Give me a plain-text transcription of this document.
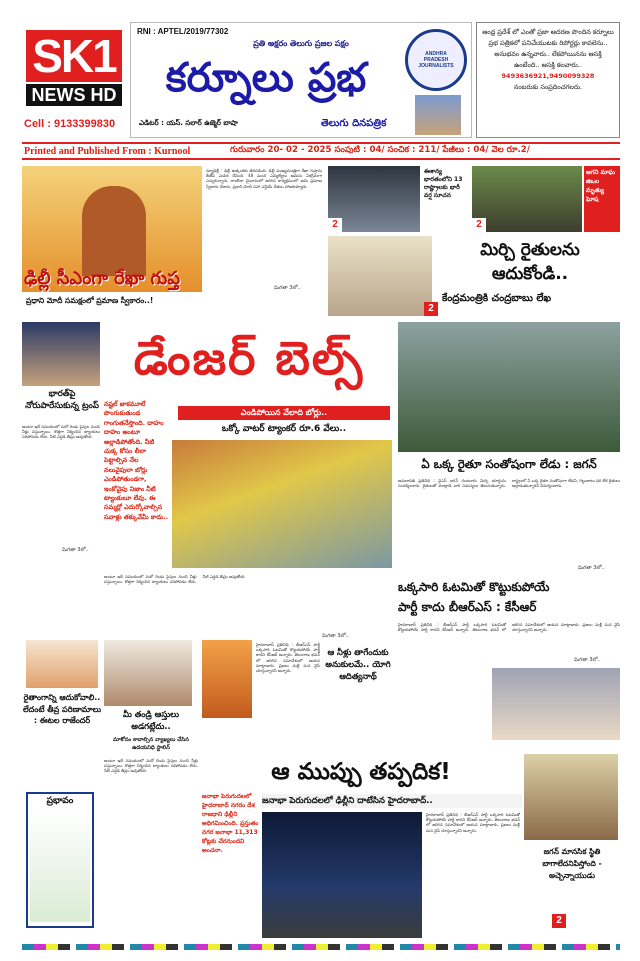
SK1
NEWS HD
Cell : 9133399830
RNI : APTEL/2019/77302
ప్రతి అక్షరం తెలుగు ప్రజల పక్షం
కర్నూలు ప్రభ
ఎడిటర్ : యస్. సలార్ ఉజ్మెర్ బాషా	తెలుగు దినపత్రిక
ANDHRA PRADESH JOURNALISTS
ఆంధ్ర ప్రదేశ్ లో ఎంతో ప్రజా ఆదరణ పొందిన కర్నూలు ప్రభ పత్రికలో పనిచేయుటకు రిపోర్టర్లు కావలెను.. అనుభవం ఉన్నవారు.. లేకపోయినను ఆసక్తి ఉంటేంది.. ఆసక్తి కలవారు..
9493636921,9490099328
నంబరుకు సంప్రదించగలరు.
Printed and Published From : Kurnool	గురువారం 20- 02 - 2025 సంపుటి : 04/ సంచిక : 211/ పేజీలు : 04/ వెల రూ.2/
ఢిల్లీ సీఎంగా రేఖా గుప్త
ప్రధాని మోదీ సమక్షంలో ప్రమాణ స్వీకారం..!
న్యూఢిల్లీ : ఢిల్లీ ఉత్కంఠకు తెరపడింది. ఢిల్లీ ముఖ్యమంత్రిగా రేఖా గుప్తాను బీజేపీ ఎంపిక చేసింది. 48 మంది ఎమ్మెల్యేలు ఆమెను ఏకగ్రీవంగా ఎన్నుకున్నారు. రాంలీలా మైదానంలో జరిగిన కార్యక్రమంలో ఆమె ప్రమాణ స్వీకారం చేశారు. ప్రధాని మోదీ సహా ఎన్డీయే నేతలు హాజరయ్యారు.
మిగతా 3లో..
ఈశాన్య భారతంలోని 13 రాష్ట్రాలకు భారీ వర్ష సూచన
2
ఆగని మాఘ జిఒల మృత్యు ఘోష
2
2
మిర్చి రైతులను ఆదుకోండి..
కేంద్రమంత్రికి చంద్రబాబు లేఖ
భారత్‌పై నోరుపారేసుకున్న ట్రంప్
అంటూ ఇదే సమయంలో మరో రెండు పైపుల నుంచి నీళ్లు వస్తున్నాయి. కొత్తగా నిర్మించిన ట్యాంకులు సరిపోవడం లేదు. నీటి ఎద్దడి తీవ్రం అవుతోంది.
మిగతా 3లో..
డేంజర్ బెల్స్
నష్టల్ జాకమూలే పొంగుకుతుండ గాంగుతనేస్తొంది. దాహం దాహం అంటూ అల్లాడిపోతోంది. నీటి చుక్క కోసం లీలా పెట్టాల్సిన నేల నలువైపులా బోర్లు ఎండిపోతుండగా, ఇంకోవైపు నిజాం నీటి ట్యాంకులూ లేవు. ఈ సమ్మర్లో ఎదుర్కోవాల్సిన సవాళ్లు తక్కువేమీ కాదు..
ఎండిపోయిన వేలాది బోర్లు..
ఒక్కో వాటర్ ట్యాంకర్ రూ.6 వేలు..
ఏ ఒక్క రైతూ సంతోషంగా లేడు : జగన్
అమరావతి ప్రతినిధి : వైఎస్ జగన్ గుంటూరు మిర్చి యార్డును సందర్శించారు. రైతులతో మాట్లాడి వారి సమస్యలు తెలుసుకున్నారు. రాష్ట్రంలో ఏ ఒక్క రైతూ సంతోషంగా లేడని, గిట్టుబాటు ధర లేక రైతులు అల్లాడుతున్నారని విమర్శించారు.
మిగతా 3లో..
అంటూ ఇదే సమయంలో మరో రెండు పైపుల నుంచి నీళ్లు వస్తున్నాయి. కొత్తగా నిర్మించిన ట్యాంకులు సరిపోవడం లేదు. నీటి ఎద్దడి తీవ్రం అవుతోంది.
మిగతా 3లో..
ఒక్కసారి ఓటమితో కొట్టుకుపోయే
పార్టీ కాదు బీఆర్ఎస్ : కేసీఆర్
హైదరాబాద్ ప్రతినిధి : బీఆర్ఎస్ పార్టీ ఒక్కసారి ఓటమితో కొట్టుకుపోయే పార్టీ కాదని కేసీఆర్ అన్నారు. తెలంగాణ భవన్ లో జరిగిన సమావేశంలో ఆయన మాట్లాడారు. ప్రజలు మళ్లీ మన వైపే చూస్తున్నారని అన్నారు.
మిగతా 3లో..
రైతాంగాన్ని ఆదుకోవాలి.. లేదంటే తీవ్ర పరిణామాలు : ఈటల రాజేందర్
మీ తండ్రి ఆస్తులు అడగట్లేదు..
మాకోసం కావాల్సిన వ్యాఖ్యలు చేసిన ఉదయనిధి స్టాలిన్
అంటూ ఇదే సమయంలో మరో రెండు పైపుల నుంచి నీళ్లు వస్తున్నాయి. కొత్తగా నిర్మించిన ట్యాంకులు సరిపోవడం లేదు. నీటి ఎద్దడి తీవ్రం అవుతోంది.
ఆ నీళ్లు తాగేందుకు అనుకులమే.. యోగి ఆదిత్యనాథ్
హైదరాబాద్ ప్రతినిధి : బీఆర్ఎస్ పార్టీ ఒక్కసారి ఓటమితో కొట్టుకుపోయే పార్టీ కాదని కేసీఆర్ అన్నారు. తెలంగాణ భవన్ లో జరిగిన సమావేశంలో ఆయన మాట్లాడారు. ప్రజలు మళ్లీ మన వైపే చూస్తున్నారని అన్నారు.
ఆ ముప్పు తప్పదిక!
జనాభా పెరుగుదలలో ఢిల్లీని దాటేసిన హైదరాబాద్..
జనాభా పెరుగుదలలో హైదరాబాద్ నగరం దేశ రాజధాని ఢిల్లీని అధిగమించింది. ప్రస్తుతం నగర జనాభా 11,313 కోట్లకు చేరనుందని అంచనా.
హైదరాబాద్ ప్రతినిధి : బీఆర్ఎస్ పార్టీ ఒక్కసారి ఓటమితో కొట్టుకుపోయే పార్టీ కాదని కేసీఆర్ అన్నారు. తెలంగాణ భవన్ లో జరిగిన సమావేశంలో ఆయన మాట్లాడారు. ప్రజలు మళ్లీ మన వైపే చూస్తున్నారని అన్నారు.
ప్రభావం
జగన్ మానసిక స్థితి బాగాలేదనిపిస్తోంది - అచ్చెన్నాయుడు
2
